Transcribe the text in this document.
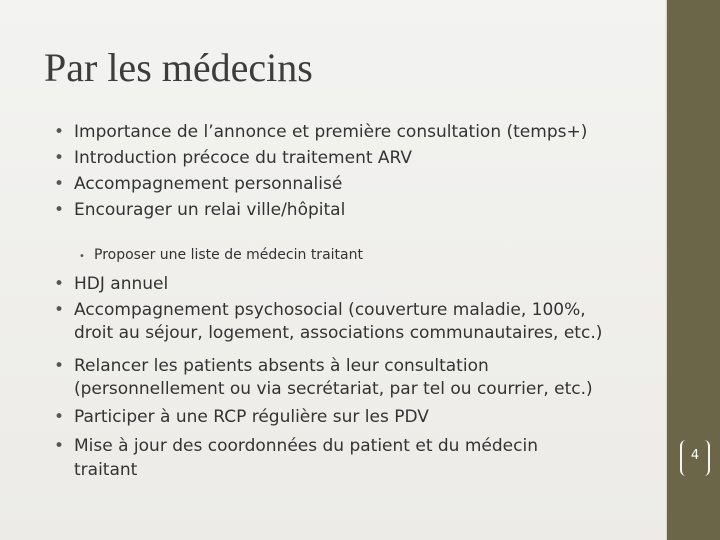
Par les médecins
• Importance de l’annonce et première consultation (temps+)
• Introduction précoce du traitement ARV
• Accompagnement personnalisé
• Encourager un relai ville/hôpital
• Proposer une liste de médecin traitant
• HDJ annuel
• Accompagnement psychosocial (couverture maladie, 100%,
droit au séjour, logement, associations communautaires, etc.)
• Relancer les patients absents à leur consultation
(personnellement ou via secrétariat, par tel ou courrier, etc.)
• Participer à une RCP régulière sur les PDV
• Mise à jour des coordonnées du patient et du médecin
traitant
4
